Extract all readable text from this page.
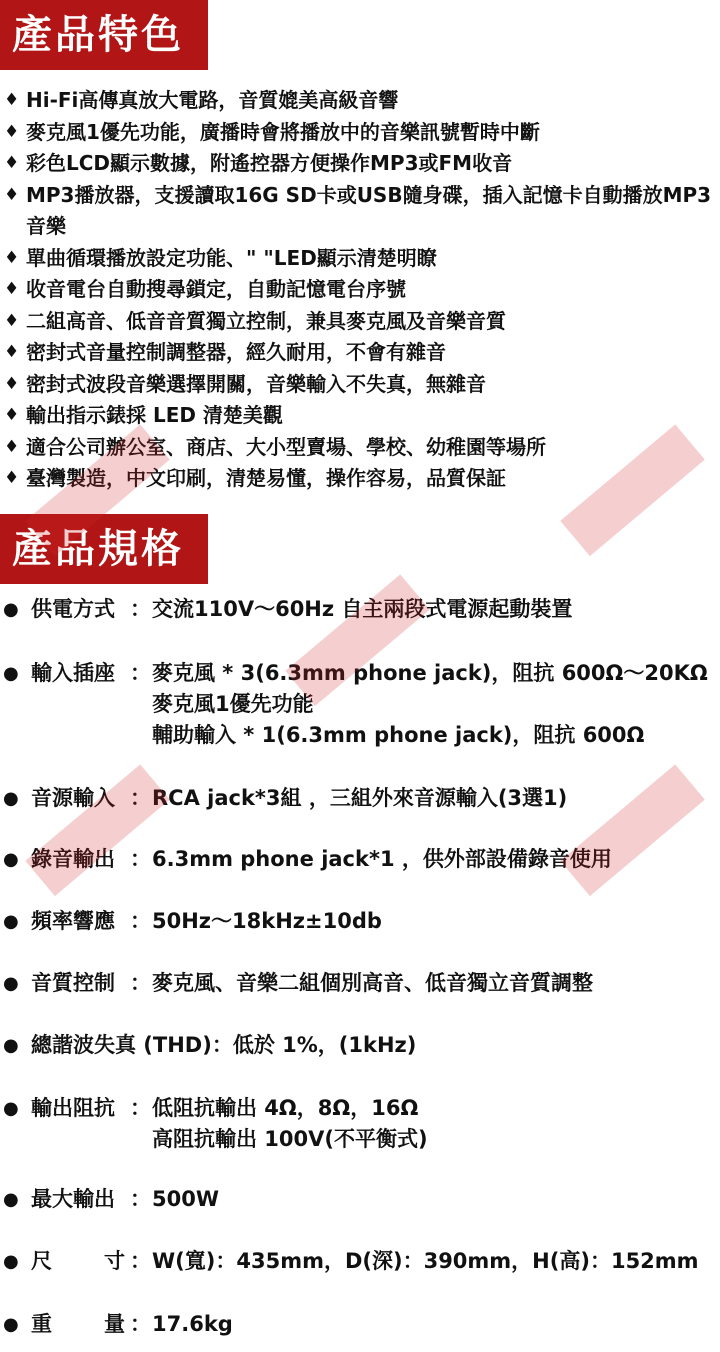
產品特色
♦ Hi-Fi高傳真放大電路，音質媲美高級音響
♦ 麥克風1優先功能，廣播時會將播放中的音樂訊號暫時中斷
♦ 彩色LCD顯示數據，附遙控器方便操作MP3或FM收音
♦ MP3播放器，支援讀取16G SD卡或USB隨身碟，插入記憶卡自動播放MP3音樂
♦ 單曲循環播放設定功能、" "LED顯示清楚明瞭
♦ 收音電台自動搜尋鎖定，自動記憶電台序號
♦ 二組高音、低音音質獨立控制，兼具麥克風及音樂音質
♦ 密封式音量控制調整器，經久耐用，不會有雜音
♦ 密封式波段音樂選擇開關，音樂輸入不失真，無雜音
♦ 輸出指示錶採 LED 清楚美觀
♦ 適合公司辦公室、商店、大小型賣場、學校、幼稚園等場所
♦ 臺灣製造，中文印刷，清楚易懂，操作容易，品質保証
產品規格
● 供電方式 ： 交流110V～60Hz 自主兩段式電源起動裝置
● 輸入插座 ： 麥克風 * 3(6.3mm phone jack)，阻抗 600Ω～20KΩ
麥克風1優先功能
輔助輸入 * 1(6.3mm phone jack)，阻抗 600Ω
● 音源輸入 ： RCA jack*3組 ，三組外來音源輸入(3選1)
● 錄音輸出 ： 6.3mm phone jack*1 ，供外部設備錄音使用
● 頻率響應 ： 50Hz～18kHz±10db
● 音質控制 ： 麥克風、音樂二組個別高音、低音獨立音質調整
● 總諧波失真 (THD)：低於 1%，(1kHz)
● 輸出阻抗 ： 低阻抗輸出 4Ω，8Ω，16Ω
高阻抗輸出 100V(不平衡式)
● 最大輸出 ： 500W
● 尺 寸 ： W(寬)：435mm，D(深)：390mm，H(高)：152mm
● 重 量 ： 17.6kg
